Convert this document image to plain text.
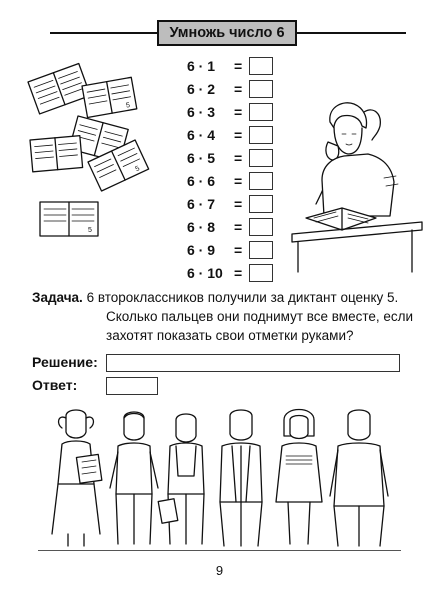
Умножь число 6
5
5
5
6 · 1 =
6 · 2 =
6 · 3 =
6 · 4 =
6 · 5 =
6 · 6 =
6 · 7 =
6 · 8 =
6 · 9 =
6 · 10 =
Задача. 6 второклассников получили за диктант оценку 5.
Сколько пальцев они поднимут все вместе, если
захотят показать свои отметки руками?
Решение:
Ответ:
9
